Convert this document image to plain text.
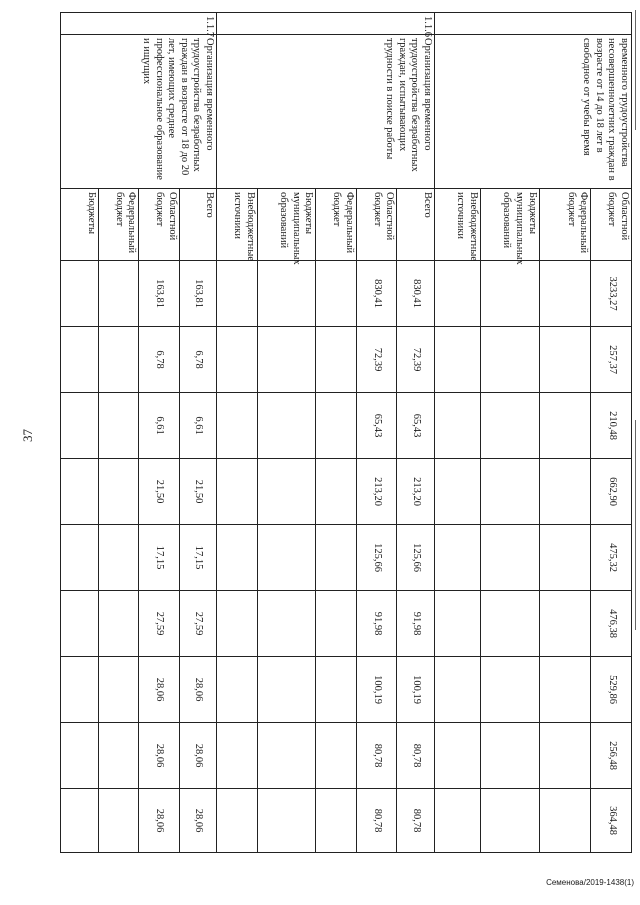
37
	временного трудоустройства несовершеннолетних граждан в возрасте от 14 до 18 лет в свободное от учебы время	Областной бюджет	3233,27	257,37	210,48	662,90	475,32	476,38	529,86	256,48	364,48
		Федеральный бюджет									
		Бюджеты муниципальных образований									
		Внебюджетные источники									
1.1.6	Организация временного трудоустройства безработных граждан, испытывающих трудности в поиске работы	Всего	830,41	72,39	65,43	213,20	125,66	91,98	100,19	80,78	80,78
		Областной бюджет	830,41	72,39	65,43	213,20	125,66	91,98	100,19	80,78	80,78
		Федеральный бюджет									
		Бюджеты муниципальных образований									
		Внебюджетные источники									
1.1.7	Организация временного трудоустройства безработных граждан в возрасте от 18 до 20 лет, имеющих среднее профессиональное образование и ищущих	Всего	163,81	6,78	6,61	21,50	17,15	27,59	28,06	28,06	28,06
		Областной бюджет	163,81	6,78	6,61	21,50	17,15	27,59	28,06	28,06	28,06
		Федеральный бюджет									
		Бюджеты									
Семенова/2019-1438(1)
